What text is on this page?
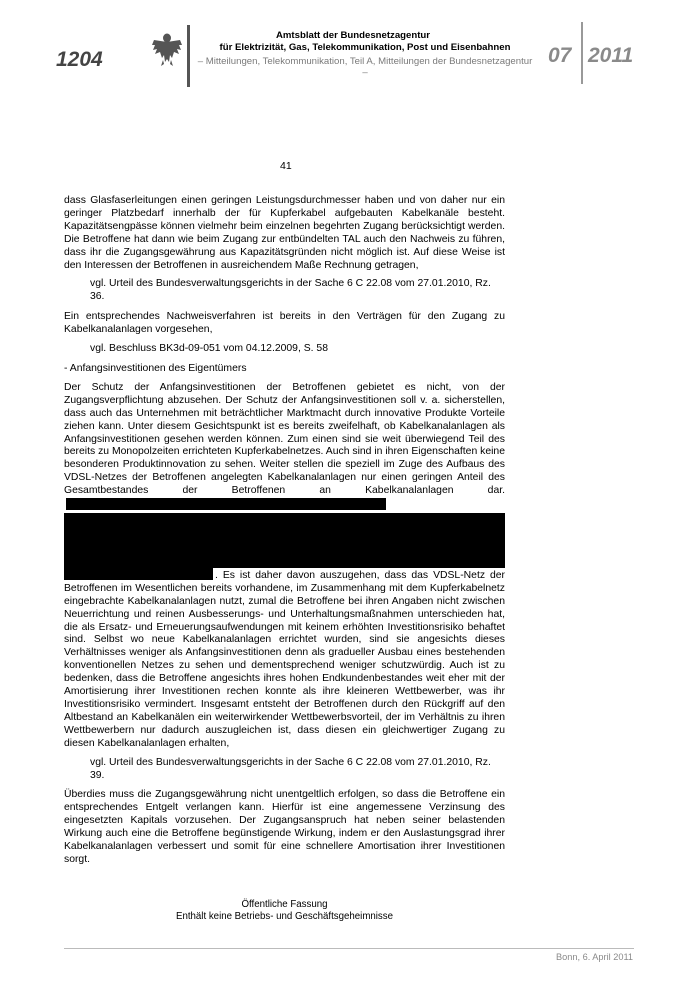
1204
Amtsblatt der Bundesnetzagentur
für Elektrizität, Gas, Telekommunikation, Post und Eisenbahnen
– Mitteilungen, Telekommunikation, Teil A, Mitteilungen der Bundesnetzagentur –
07 2011
41

dass Glasfaserleitungen einen geringen Leistungsdurchmesser haben und von daher nur ein geringer Platzbedarf innerhalb der für Kupferkabel aufgebauten Kabelkanäle besteht. Kapazitätsengpässe können vielmehr beim einzelnen begehrten Zugang berücksichtigt werden. Die Betroffene hat dann wie beim Zugang zur entbündelten TAL auch den Nachweis zu führen, dass ihr die Zugangsgewährung aus Kapazitätsgründen nicht möglich ist. Auf diese Weise ist den Interessen der Betroffenen in ausreichendem Maße Rechnung getragen,

vgl. Urteil des Bundesverwaltungsgerichts in der Sache 6 C 22.08 vom 27.01.2010, Rz. 36.

Ein entsprechendes Nachweisverfahren ist bereits in den Verträgen für den Zugang zu Kabelkanalanlagen vorgesehen,

vgl. Beschluss BK3d-09-051 vom 04.12.2009, S. 58

- Anfangsinvestitionen des Eigentümers

Der Schutz der Anfangsinvestitionen der Betroffenen gebietet es nicht, von der Zugangsverpflichtung abzusehen. Der Schutz der Anfangsinvestitionen soll v. a. sicherstellen, dass auch das Unternehmen mit beträchtlicher Marktmacht durch innovative Produkte Vorteile ziehen kann. Unter diesem Gesichtspunkt ist es bereits zweifelhaft, ob Kabelkanalanlagen als Anfangsinvestitionen gesehen werden können. Zum einen sind sie weit überwiegend Teil des bereits zu Monopolzeiten errichteten Kupferkabelnetzes. Auch sind in ihren Eigenschaften keine besonderen Produktinnovation zu sehen. Weiter stellen die speziell im Zuge des Aufbaus des VDSL-Netzes der Betroffenen angelegten Kabelkanalanlagen nur einen geringen Anteil des Gesamtbestandes der Betroffenen an Kabelkanalanlagen dar.
. Es ist daher davon auszugehen, dass das VDSL-Netz der Betroffenen im Wesentlichen bereits vorhandene, im Zusammenhang mit dem Kupferkabelnetz eingebrachte Kabelkanalanlagen nutzt, zumal die Betroffene bei ihren Angaben nicht zwischen Neuerrichtung und reinen Ausbesserungs- und Unterhaltungsmaßnahmen unterschieden hat, die als Ersatz- und Erneuerungsaufwendungen mit keinem erhöhten Investitionsrisiko behaftet sind. Selbst wo neue Kabelkanalanlagen errichtet wurden, sind sie angesichts dieses Verhältnisses weniger als Anfangsinvestitionen denn als gradueller Ausbau eines bestehenden konventionellen Netzes zu sehen und dementsprechend weniger schutzwürdig. Auch ist zu bedenken, dass die Betroffene angesichts ihres hohen Endkundenbestandes weit eher mit der Amortisierung ihrer Investitionen rechen konnte als ihre kleineren Wettbewerber, was ihr Investitionsrisiko vermindert. Insgesamt entsteht der Betroffenen durch den Rückgriff auf den Altbestand an Kabelkanälen ein weiterwirkender Wettbewerbsvorteil, der im Verhältnis zu ihren Wettbewerbern nur dadurch auszugleichen ist, dass diesen ein gleichwertiger Zugang zu diesen Kabelkanalanlagen erhalten,

vgl. Urteil des Bundesverwaltungsgerichts in der Sache 6 C 22.08 vom 27.01.2010, Rz. 39.

Überdies muss die Zugangsgewährung nicht unentgeltlich erfolgen, so dass die Betroffene ein entsprechendes Entgelt verlangen kann. Hierfür ist eine angemessene Verzinsung des eingesetzten Kapitals vorzusehen. Der Zugangsanspruch hat neben seiner belastenden Wirkung auch eine die Betroffene begünstigende Wirkung, indem er den Auslastungsgrad ihrer Kabelkanalanlagen verbessert und somit für eine schnellere Amortisation ihrer Investitionen sorgt.

Öffentliche Fassung
Enthält keine Betriebs- und Geschäftsgeheimnisse
Bonn, 6. April 2011
